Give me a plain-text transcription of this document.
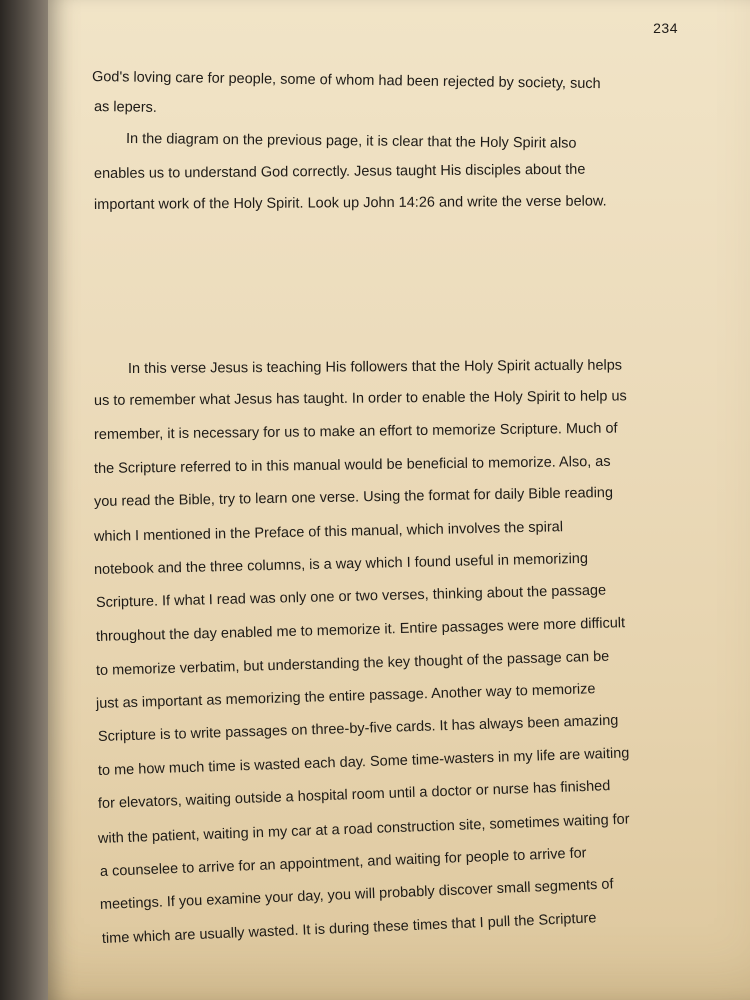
234
God's loving care for people, some of whom had been rejected by society, such
as lepers.
In the diagram on the previous page, it is clear that the Holy Spirit also
enables us to understand God correctly. Jesus taught His disciples about the
important work of the Holy Spirit. Look up John 14:26 and write the verse below.
In this verse Jesus is teaching His followers that the Holy Spirit actually helps
us to remember what Jesus has taught. In order to enable the Holy Spirit to help us
remember, it is necessary for us to make an effort to memorize Scripture. Much of
the Scripture referred to in this manual would be beneficial to memorize. Also, as
you read the Bible, try to learn one verse. Using the format for daily Bible reading
which I mentioned in the Preface of this manual, which involves the spiral
notebook and the three columns, is a way which I found useful in memorizing
Scripture. If what I read was only one or two verses, thinking about the passage
throughout the day enabled me to memorize it. Entire passages were more difficult
to memorize verbatim, but understanding the key thought of the passage can be
just as important as memorizing the entire passage. Another way to memorize
Scripture is to write passages on three-by-five cards. It has always been amazing
to me how much time is wasted each day. Some time-wasters in my life are waiting
for elevators, waiting outside a hospital room until a doctor or nurse has finished
with the patient, waiting in my car at a road construction site, sometimes waiting for
a counselee to arrive for an appointment, and waiting for people to arrive for
meetings. If you examine your day, you will probably discover small segments of
time which are usually wasted. It is during these times that I pull the Scripture
